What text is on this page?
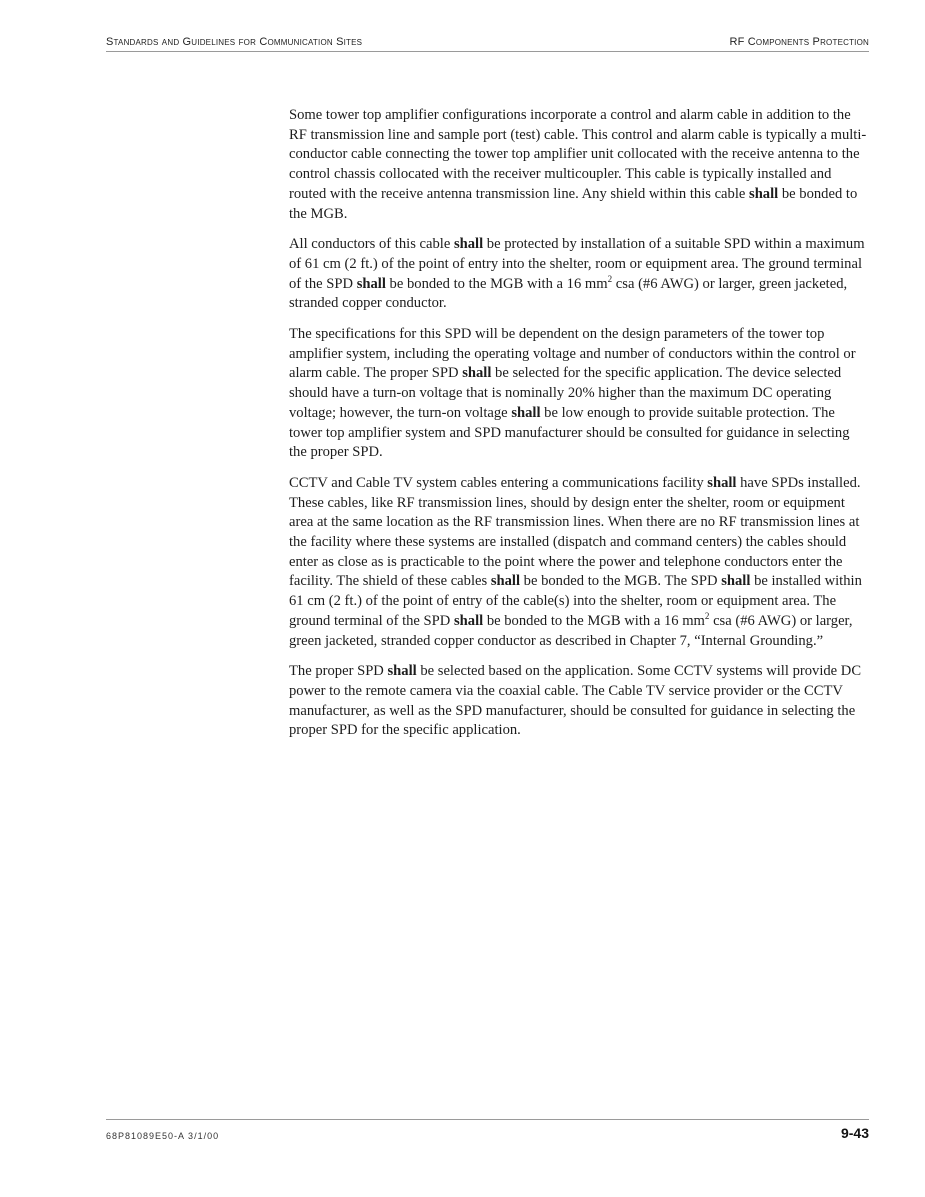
Standards and Guidelines for Communication Sites	RF Components Protection

Some tower top amplifier configurations incorporate a control and alarm cable in addition to the RF transmission line and sample port (test) cable. This control and alarm cable is typically a multi-conductor cable connecting the tower top amplifier unit collocated with the receive antenna to the control chassis collocated with the receiver multicoupler. This cable is typically installed and routed with the receive antenna transmission line. Any shield within this cable shall be bonded to the MGB.

All conductors of this cable shall be protected by installation of a suitable SPD within a maximum of 61 cm (2 ft.) of the point of entry into the shelter, room or equipment area. The ground terminal of the SPD shall be bonded to the MGB with a 16 $mm^2$ csa (#6 AWG) or larger, green jacketed, stranded copper conductor.

The specifications for this SPD will be dependent on the design parameters of the tower top amplifier system, including the operating voltage and number of conductors within the control or alarm cable. The proper SPD shall be selected for the specific application. The device selected should have a turn-on voltage that is nominally 20% higher than the maximum DC operating voltage; however, the turn-on voltage shall be low enough to provide suitable protection. The tower top amplifier system and SPD manufacturer should be consulted for guidance in selecting the proper SPD.

CCTV and Cable TV system cables entering a communications facility shall have SPDs installed. These cables, like RF transmission lines, should by design enter the shelter, room or equipment area at the same location as the RF transmission lines. When there are no RF transmission lines at the facility where these systems are installed (dispatch and command centers) the cables should enter as close as is practicable to the point where the power and telephone conductors enter the facility. The shield of these cables shall be bonded to the MGB. The SPD shall be installed within 61 cm (2 ft.) of the point of entry of the cable(s) into the shelter, room or equipment area. The ground terminal of the SPD shall be bonded to the MGB with a 16 $mm^2$ csa (#6 AWG) or larger, green jacketed, stranded copper conductor as described in Chapter 7, “Internal Grounding.”

The proper SPD shall be selected based on the application. Some CCTV systems will provide DC power to the remote camera via the coaxial cable. The Cable TV service provider or the CCTV manufacturer, as well as the SPD manufacturer, should be consulted for guidance in selecting the proper SPD for the specific application.

68P81089E50-A 3/1/00	9-43
